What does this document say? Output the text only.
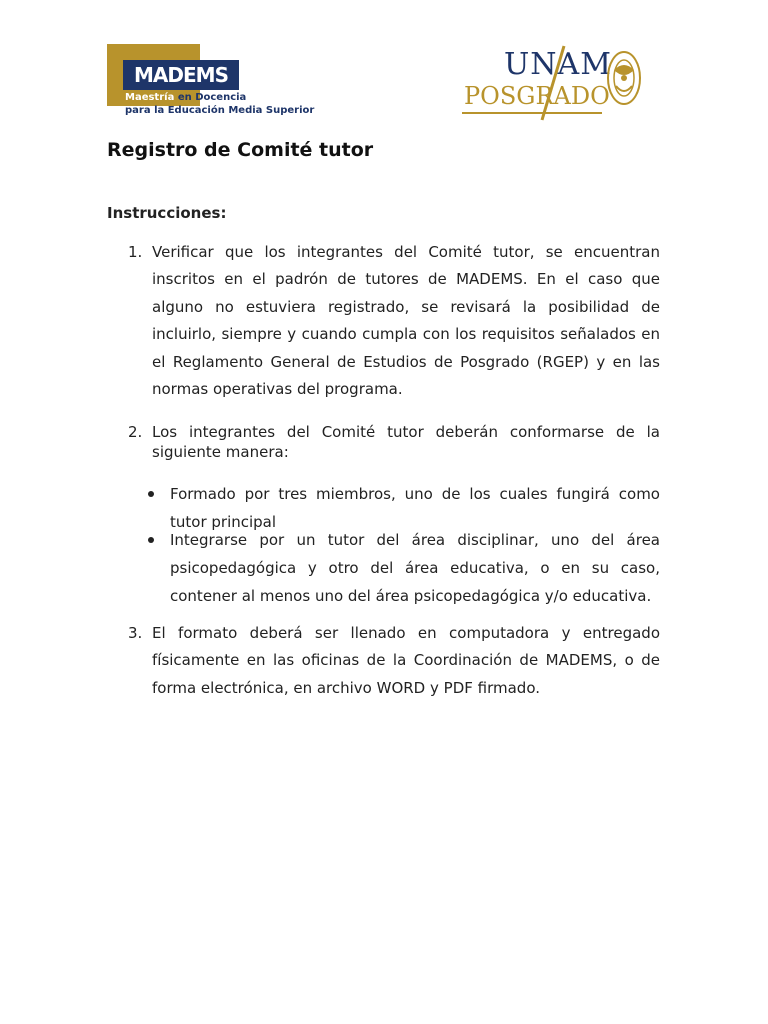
MADEMS
Maestría en Docencia
para la Educación Media Superior
UNAM
POSGRADO
Registro de Comité tutor
Instrucciones:
1. Verificar que los integrantes del Comité tutor, se encuentran inscritos en el padrón de tutores de MADEMS. En el caso que alguno no estuviera registrado, se revisará la posibilidad de incluirlo, siempre y cuando cumpla con los requisitos señalados en el Reglamento General de Estudios de Posgrado (RGEP) y en las normas operativas del programa.
2. Los integrantes del Comité tutor deberán conformarse de la siguiente manera:
Formado por tres miembros, uno de los cuales fungirá como tutor principal
Integrarse por un tutor del área disciplinar, uno del área psicopedagógica y otro del área educativa, o en su caso, contener al menos uno del área psicopedagógica y/o educativa.
3. El formato deberá ser llenado en computadora y entregado físicamente en las oficinas de la Coordinación de MADEMS, o de forma electrónica, en archivo WORD y PDF firmado.
